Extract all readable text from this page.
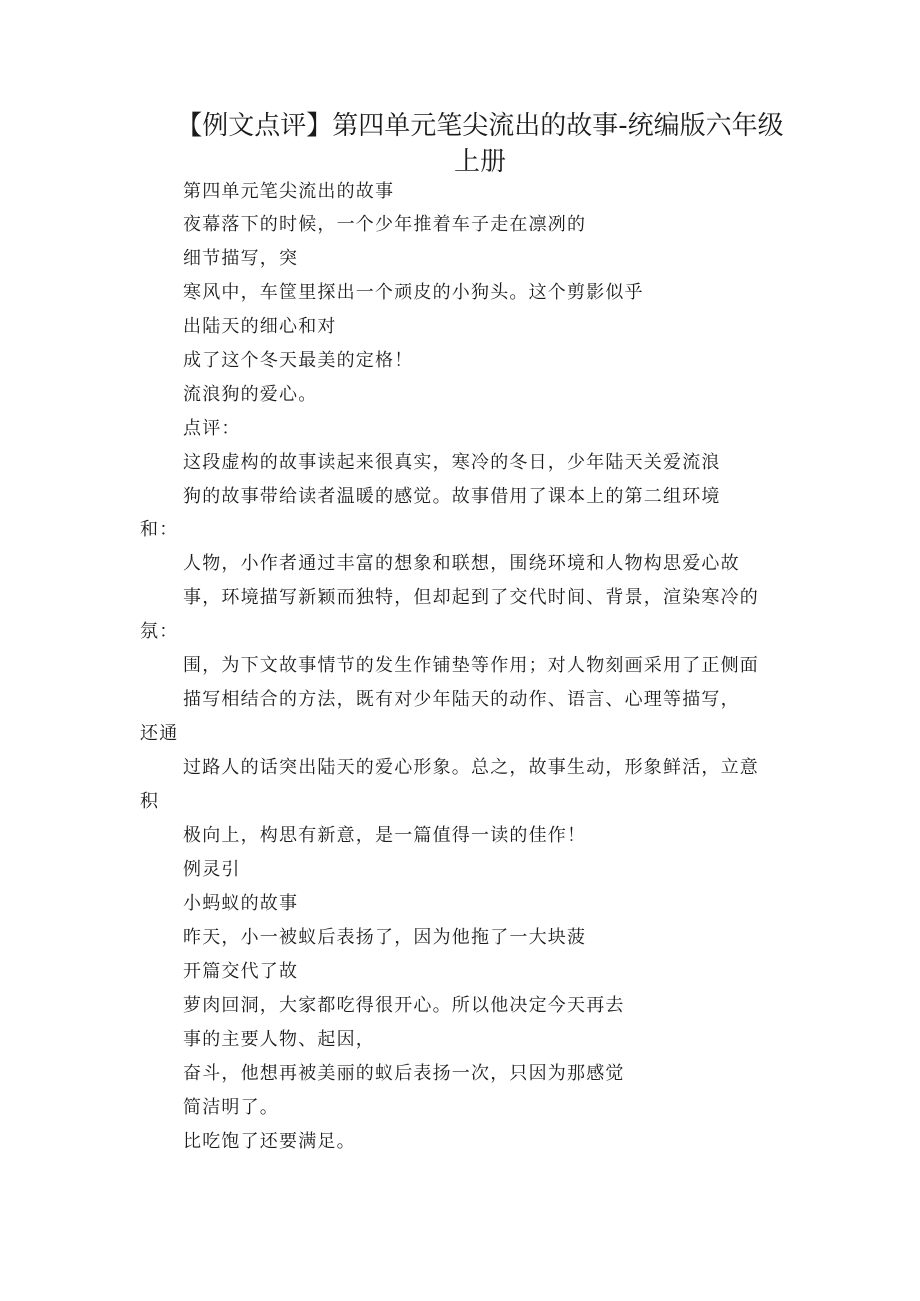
【例文点评】第四单元笔尖流出的故事-统编版六年级
上册
第四单元笔尖流出的故事
夜幕落下的时候，一个少年推着车子走在凛冽的
细节描写，突
寒风中，车筐里探出一个顽皮的小狗头。这个剪影似乎
出陆天的细心和对
成了这个冬天最美的定格！
流浪狗的爱心。
点评：
这段虚构的故事读起来很真实，寒冷的冬日，少年陆天关爱流浪
狗的故事带给读者温暖的感觉。故事借用了课本上的第二组环境
和：
人物，小作者通过丰富的想象和联想，围绕环境和人物构思爱心故
事，环境描写新颖而独特，但却起到了交代时间、背景，渲染寒冷的
氛：
围，为下文故事情节的发生作铺垫等作用；对人物刻画采用了正侧面
描写相结合的方法，既有对少年陆天的动作、语言、心理等描写，
还通
过路人的话突出陆天的爱心形象。总之，故事生动，形象鲜活，立意
积
极向上，构思有新意，是一篇值得一读的佳作！
例灵引
小蚂蚁的故事
昨天，小一被蚁后表扬了，因为他拖了一大块菠
开篇交代了故
萝肉回洞，大家都吃得很开心。所以他决定今天再去
事的主要人物、起因，
奋斗，他想再被美丽的蚁后表扬一次，只因为那感觉
简洁明了。
比吃饱了还要满足。
